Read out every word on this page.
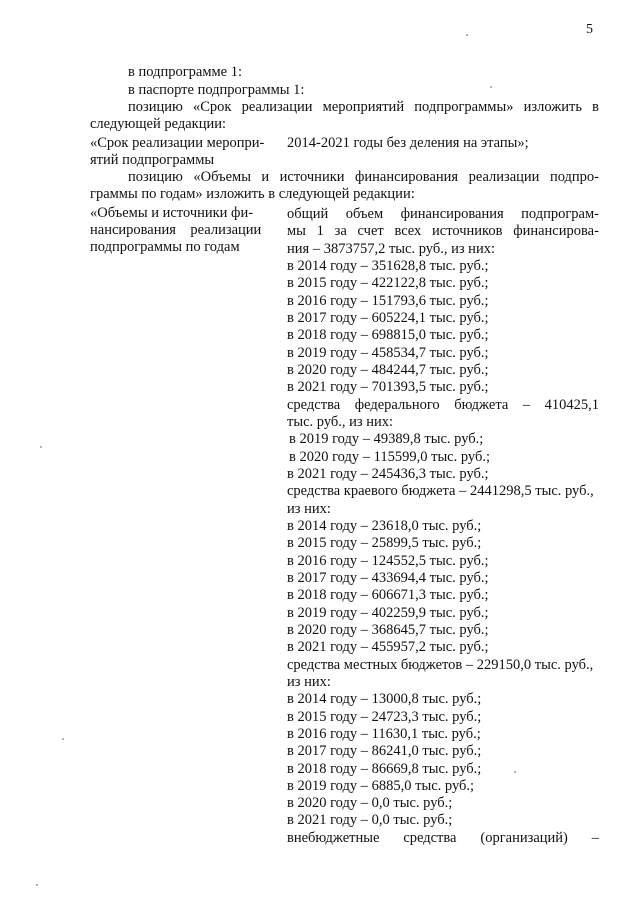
5
в подпрограмме 1:
в паспорте подпрограммы 1:
позицию «Срок реализации мероприятий подпрограммы» изложить в
следующей редакции:
«Срок реализации меропри-
ятий подпрограммы
2014-2021 годы без деления на этапы»;
позицию «Объемы и источники финансирования реализации подпро-
граммы по годам» изложить в следующей редакции:
«Объемы и источники фи-
нансирования    реализации
подпрограммы по годам
общий объем финансирования подпрограм-
мы 1 за счет всех источников финансирова-
ния – 3873757,2 тыс. руб., из них:
в 2014 году – 351628,8 тыс. руб.;
в 2015 году – 422122,8 тыс. руб.;
в 2016 году – 151793,6 тыс. руб.;
в 2017 году – 605224,1 тыс. руб.;
в 2018 году – 698815,0 тыс. руб.;
в 2019 году – 458534,7 тыс. руб.;
в 2020 году – 484244,7 тыс. руб.;
в 2021 году – 701393,5 тыс. руб.;
средства федерального бюджета – 410425,1
тыс. руб., из них:
в 2019 году – 49389,8 тыс. руб.;
в 2020 году – 115599,0 тыс. руб.;
в 2021 году – 245436,3 тыс. руб.;
средства краевого бюджета – 2441298,5 тыс. руб.,
из них:
в 2014 году – 23618,0 тыс. руб.;
в 2015 году – 25899,5 тыс. руб.;
в 2016 году – 124552,5 тыс. руб.;
в 2017 году – 433694,4 тыс. руб.;
в 2018 году – 606671,3 тыс. руб.;
в 2019 году – 402259,9 тыс. руб.;
в 2020 году – 368645,7 тыс. руб.;
в 2021 году – 455957,2 тыс. руб.;
средства местных бюджетов – 229150,0 тыс. руб.,
из них:
в 2014 году – 13000,8 тыс. руб.;
в 2015 году – 24723,3 тыс. руб.;
в 2016 году – 11630,1 тыс. руб.;
в 2017 году – 86241,0 тыс. руб.;
в 2018 году – 86669,8 тыс. руб.;
в 2019 году – 6885,0 тыс. руб.;
в 2020 году – 0,0 тыс. руб.;
в 2021 году – 0,0 тыс. руб.;
внебюджетные средства (организаций) –
